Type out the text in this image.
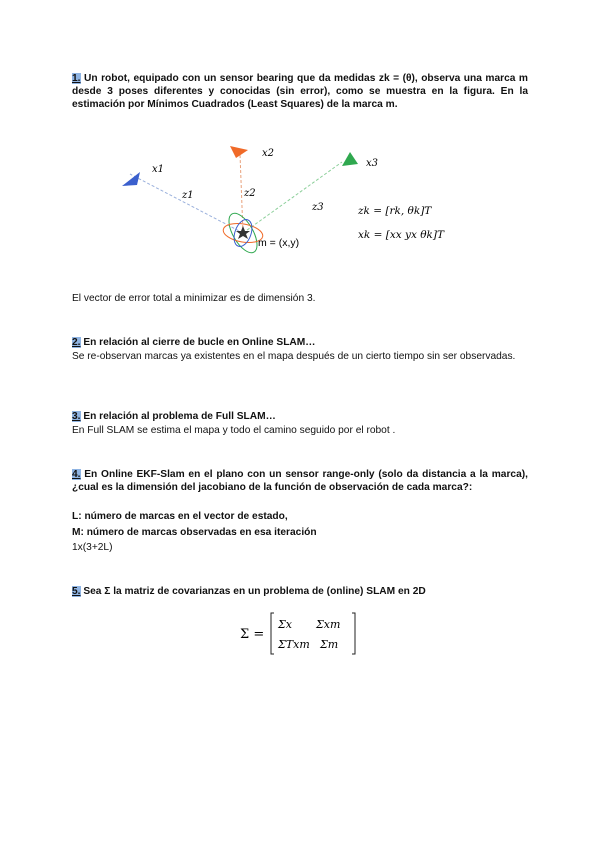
1. Un robot, equipado con un sensor bearing que da medidas zk = (θ), observa una marca m desde 3 poses diferentes y conocidas (sin error), como se muestra en la figura. En la estimación por Mínimos Cuadrados (Least Squares) de la marca m.
x1
x2
x3
z1	z2
z3
m = (x,y)
zk = [rk, θk]T
xk = [xx yx θk]T
El vector de error total a minimizar es de dimensión 3.
2. En relación al cierre de bucle en Online SLAM…
Se re-observan marcas ya existentes en el mapa después de un cierto tiempo sin ser observadas.
3. En relación al problema de Full SLAM…
En Full SLAM se estima el mapa y todo el camino seguido por el robot .
4. En Online EKF-Slam en el plano con un sensor range-only (solo da distancia a la marca), ¿cual es la dimensión del jacobiano de la función de observación de cada marca?:
L: número de marcas en el vector de estado,
M: número de marcas observadas en esa iteración
1x(3+2L)
5. Sea Σ la matriz de covarianzas en un problema de (online) SLAM en 2D
Σ =
Σx Σxm
ΣTxm Σm
